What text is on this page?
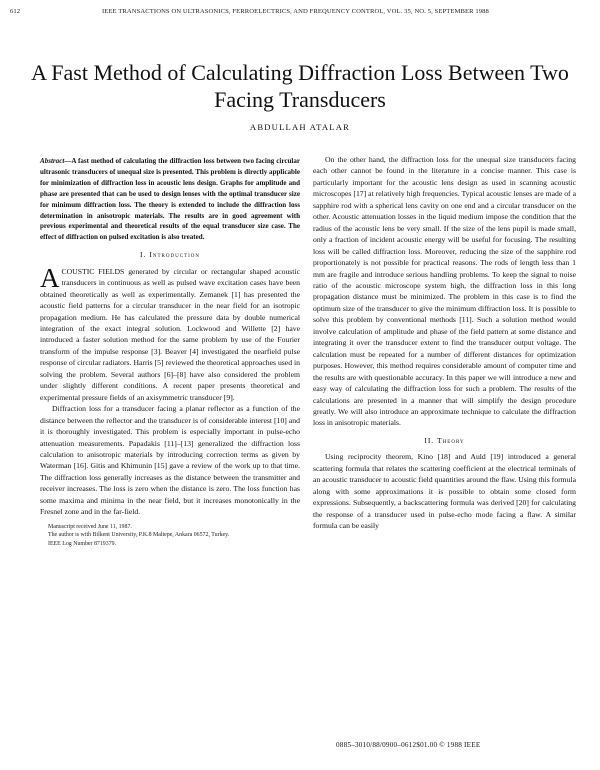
612	IEEE TRANSACTIONS ON ULTRASONICS, FERROELECTRICS, AND FREQUENCY CONTROL, VOL. 35, NO. 5, SEPTEMBER 1988
A Fast Method of Calculating Diffraction Loss Between Two Facing Transducers
ABDULLAH ATALAR
Abstract—A fast method of calculating the diffraction loss between two facing circular ultrasonic transducers of unequal size is presented. This problem is directly applicable for minimization of diffraction loss in acoustic lens design. Graphs for amplitude and phase are presented that can be used to design lenses with the optimal transducer size for minimum diffraction loss. The theory is extended to include the diffraction loss determination in anisotropic materials. The results are in good agreement with previous experimental and theoretical results of the equal transducer size case. The effect of diffraction on pulsed excitation is also treated.
I. Introduction

ACOUSTIC FIELDS generated by circular or rectangular shaped acoustic transducers in continuous as well as pulsed wave excitation cases have been obtained theoretically as well as experimentally. Zemanek [1] has presented the acoustic field patterns for a circular transducer in the near field for an isotropic propagation medium. He has calculated the pressure data by double numerical integration of the exact integral solution. Lockwood and Willette [2] have introduced a faster solution method for the same problem by use of the Fourier transform of the impulse response [3]. Beaver [4] investigated the nearfield pulse response of circular radiators. Harris [5] reviewed the theoretical approaches used in solving the problem. Several authors [6]–[8] have also considered the problem under slightly different conditions. A recent paper presents theoretical and experimental pressure fields of an axisymmetric transducer [9].

Diffraction loss for a transducer facing a planar reflector as a function of the distance between the reflector and the transducer is of considerable interest [10] and it is thoroughly investigated. This problem is especially important in pulse-echo attenuation measurements. Papadakis [11]–[13] generalized the diffraction loss calculation to anisotropic materials by introducing correction terms as given by Waterman [16]. Gitis and Khimunin [15] gave a review of the work up to that time. The diffraction loss generally increases as the distance between the transmitter and receiver increases. The loss is zero when the distance is zero. The loss function has some maxima and minima in the near field, but it increases monotonically in the Fresnel zone and in the far-field.

Manuscript received June 11, 1987.
The author is with Bilkent University, P.K.8 Maltepe, Ankara 06572, Turkey.
IEEE Log Number 8719379.

On the other hand, the diffraction loss for the unequal size transducers facing each other cannot be found in the literature in a concise manner. This case is particularly important for the acoustic lens design as used in scanning acoustic microscopes [17] at relatively high frequencies. Typical acoustic lenses are made of a sapphire rod with a spherical lens cavity on one end and a circular transducer on the other. Acoustic attenuation losses in the liquid medium impose the condition that the radius of the acoustic lens be very small. If the size of the lens pupil is made small, only a fraction of incident acoustic energy will be useful for focusing. The resulting loss will be called diffraction loss. Moreover, reducing the size of the sapphire rod proportionately is not possible for practical reasons. The rods of length less than 1 mm are fragile and introduce serious handling problems. To keep the signal to noise ratio of the acoustic microscope system high, the diffraction loss in this long propagation distance must be minimized. The problem in this case is to find the optimum size of the transducer to give the minimum diffraction loss. It is possible to solve this problem by conventional methods [11]. Such a solution method would involve calculation of amplitude and phase of the field pattern at some distance and integrating it over the transducer extent to find the transducer output voltage. The calculation must be repeated for a number of different distances for optimization purposes. However, this method requires considerable amount of computer time and the results are with questionable accuracy. In this paper we will introduce a new and easy way of calculating the diffraction loss for such a problem. The results of the calculations are presented in a manner that will simplify the design procedure greatly. We will also introduce an approximate technique to calculate the diffraction loss in anisotropic materials.

II. Theory

Using reciprocity theorem, Kino [18] and Auld [19] introduced a general scattering formula that relates the scattering coefficient at the electrical terminals of an acoustic transducer to acoustic field quantities around the flaw. Using this formula along with some approximations it is possible to obtain some closed form expressions. Subsequently, a backscattering formula was derived [20] for calculating the response of a transducer used in pulse-echo mode facing a flaw. A similar formula can be easily

0885–3010/88/0900–0612$01.00 © 1988 IEEE
